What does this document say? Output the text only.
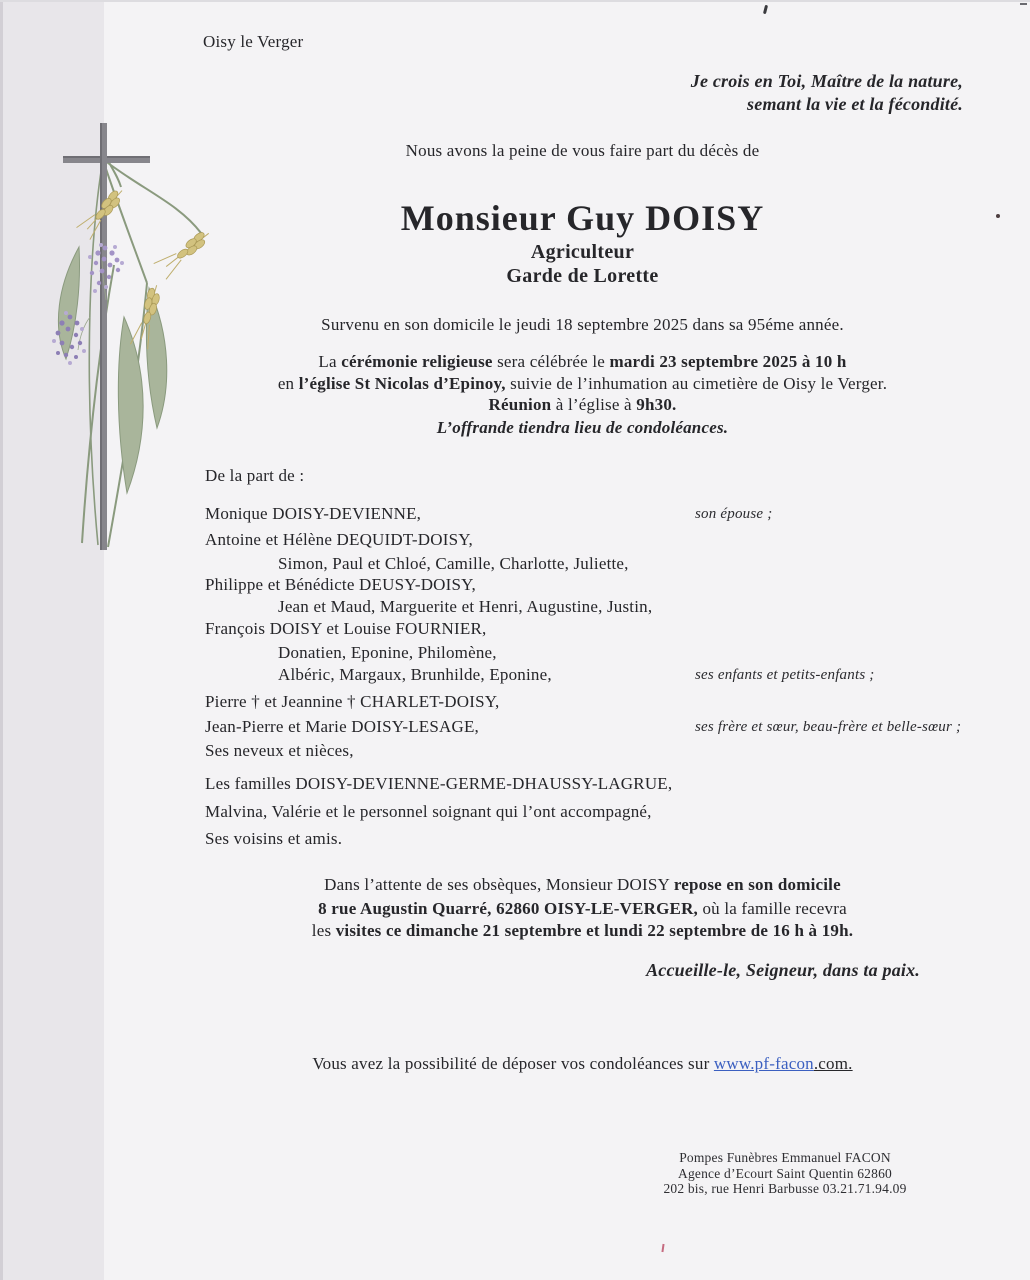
Oisy le Verger
Je crois en Toi, Maître de la nature,
semant la vie et la fécondité.
Nous avons la peine de vous faire part du décès de
Monsieur Guy DOISY
Agriculteur
Garde de Lorette
Survenu en son domicile le jeudi 18 septembre 2025 dans sa 95éme année.
La cérémonie religieuse sera célébrée le mardi 23 septembre 2025 à 10 h
en l’église St Nicolas d’Epinoy, suivie de l’inhumation au cimetière de Oisy le Verger.
Réunion à l’église à 9h30.
L’offrande tiendra lieu de condoléances.
De la part de :
Monique DOISY-DEVIENNE,
Antoine et Hélène DEQUIDT-DOISY,
Simon, Paul et Chloé, Camille, Charlotte, Juliette,
Philippe et Bénédicte DEUSY-DOISY,
Jean et Maud, Marguerite et Henri, Augustine, Justin,
François DOISY et Louise FOURNIER,
Donatien, Eponine, Philomène,
Albéric, Margaux, Brunhilde, Eponine,
Pierre † et Jeannine † CHARLET-DOISY,
Jean-Pierre et Marie DOISY-LESAGE,
Ses neveux et nièces,
Les familles DOISY-DEVIENNE-GERME-DHAUSSY-LAGRUE,
Malvina, Valérie et le personnel soignant qui l’ont accompagné,
Ses voisins et amis.
son épouse ;
ses enfants et petits-enfants ;
ses frère et sœur, beau-frère et belle-sœur ;
Dans l’attente de ses obsèques, Monsieur DOISY repose en son domicile
8 rue Augustin Quarré, 62860 OISY-LE-VERGER, où la famille recevra
les visites ce dimanche 21 septembre et lundi 22 septembre de 16 h à 19h.
Accueille-le, Seigneur, dans ta paix.
Vous avez la possibilité de déposer vos condoléances sur www.pf-facon.com.
Pompes Funèbres Emmanuel FACON
Agence d’Ecourt Saint Quentin 62860
202 bis, rue Henri Barbusse 03.21.71.94.09
